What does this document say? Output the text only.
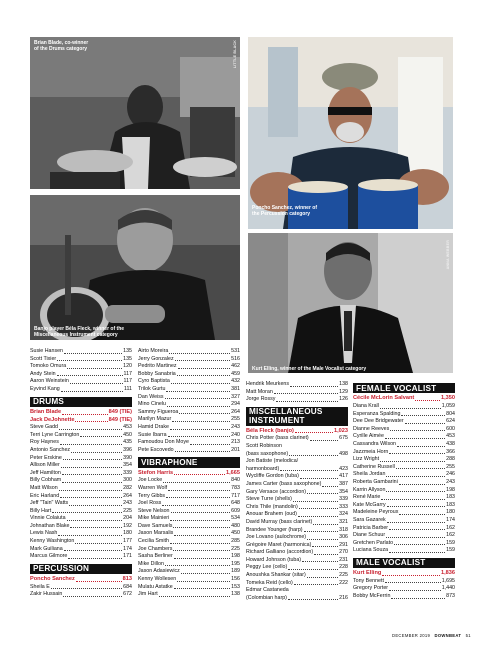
Brian Blade, co-winner of the Drums category	LITTLE BLACK
Poncho Sanchez, winner of the Percussion category
Banjo player Béla Fleck, winner of the Miscellaneous Instrument category
Kurt Elling, winner of the Male Vocalist category
ANNA WEBBER
Susie Hansen	135
Scott Tixier	135
Tomoko Omura	120
Andy Stein	117
Aaron Weinstein	117
Eyvind Kang	111
DRUMS
Brian Blade	849 (TIE)
Jack DeJohnette	849 (TIE)
Steve Gadd	453
Terri Lyne Carrington	450
Roy Haynes	435
Antonio Sanchez	396
Peter Erskine	390
Allison Miller	354
Jeff Hamilton	339
Billy Cobham	300
Matt Wilson	282
Eric Harland	264
Jeff "Tain" Watts	243
Billy Hart	225
Vinnie Colaiuta	204
Johnathan Blake	192
Lewis Nash	180
Kenny Washington	177
Mark Guiliana	174
Marcus Gilmore	171
PERCUSSION
Poncho Sanchez	813
Sheila E	684
Zakir Hussain	672
Airto Moreira	531
Jerry Gonzalez	516
Pedrito Martinez	462
Bobby Sanabria	459
Cyro Baptista	432
Trilok Gurtu	381
Dan Weiss	327
Mino Cinelu	294
Sammy Figueroa	264
Marilyn Mazur	255
Hamid Drake	243
Susie Ibarra	240
Famoudou Don Moye	213
Pete Escovedo	201
VIBRAPHONE
Stefon Harris	1,665
Joe Locke	840
Warren Wolf	783
Terry Gibbs	717
Joel Ross	648
Steve Nelson	609
Mike Mainieri	534
Dave Samuels	480
Jason Marsalis	450
Cecilia Smith	285
Joe Chambers	225
Sasha Berliner	198
Mike Dillon	195
Jason Adasiewicz	189
Kenny Wollesen	156
Mulatu Astatke	153
Jim Hart	138
Hendrik Meurkens	138
Matt Moran	129
Jorge Rossy	126
MISCELLANEOUS
INSTRUMENT
Béla Fleck (banjo)	1,023
Chris Potter (bass clarinet)	675
Scott Robinson
(bass saxophone)	498
Jon Batiste (melodica/
harmonboard)	423
Wycliffe Gordon (tuba)	417
James Carter (bass saxophone)	387
Gary Versace (accordion)	354
Steve Turre (shells)	339
Chris Thile (mandolin)	333
Anouar Brahem (oud)	324
David Murray (bass clarinet)	321
Brandee Younger (harp)	318
Joe Lovano (aulochrome)	306
Grégoire Maret (harmonica)	291
Richard Galliano (accordion)	270
Howard Johnson (tuba)	231
Peggy Lee (cello)	228
Anoushka Shankar (sitar)	225
Tomeka Reid (cello)	222
Edmar Castaneda
(Colombian harp)	216
FEMALE VOCALIST
Cécile McLorin Salvant	1,350
Diana Krall	1,059
Esperanza Spalding	804
Dee Dee Bridgewater	624
Dianne Reeves	600
Cyrille Aimée	453
Cassandra Wilson	438
Jazzmeia Horn	366
Lizz Wright	288
Catherine Russell	255
Sheila Jordan	246
Roberta Gambarini	243
Karrin Allyson	198
René Marie	183
Kate McGarry	183
Madeleine Peyroux	180
Sara Gazarek	174
Patricia Barber	162
Diane Schuur	162
Gretchen Parlato	159
Luciana Souza	159
MALE VOCALIST
Kurt Elling	1,836
Tony Bennett	1,695
Gregory Porter	1,440
Bobby McFerrin	873
DECEMBER 2019 DOWNBEAT 51
